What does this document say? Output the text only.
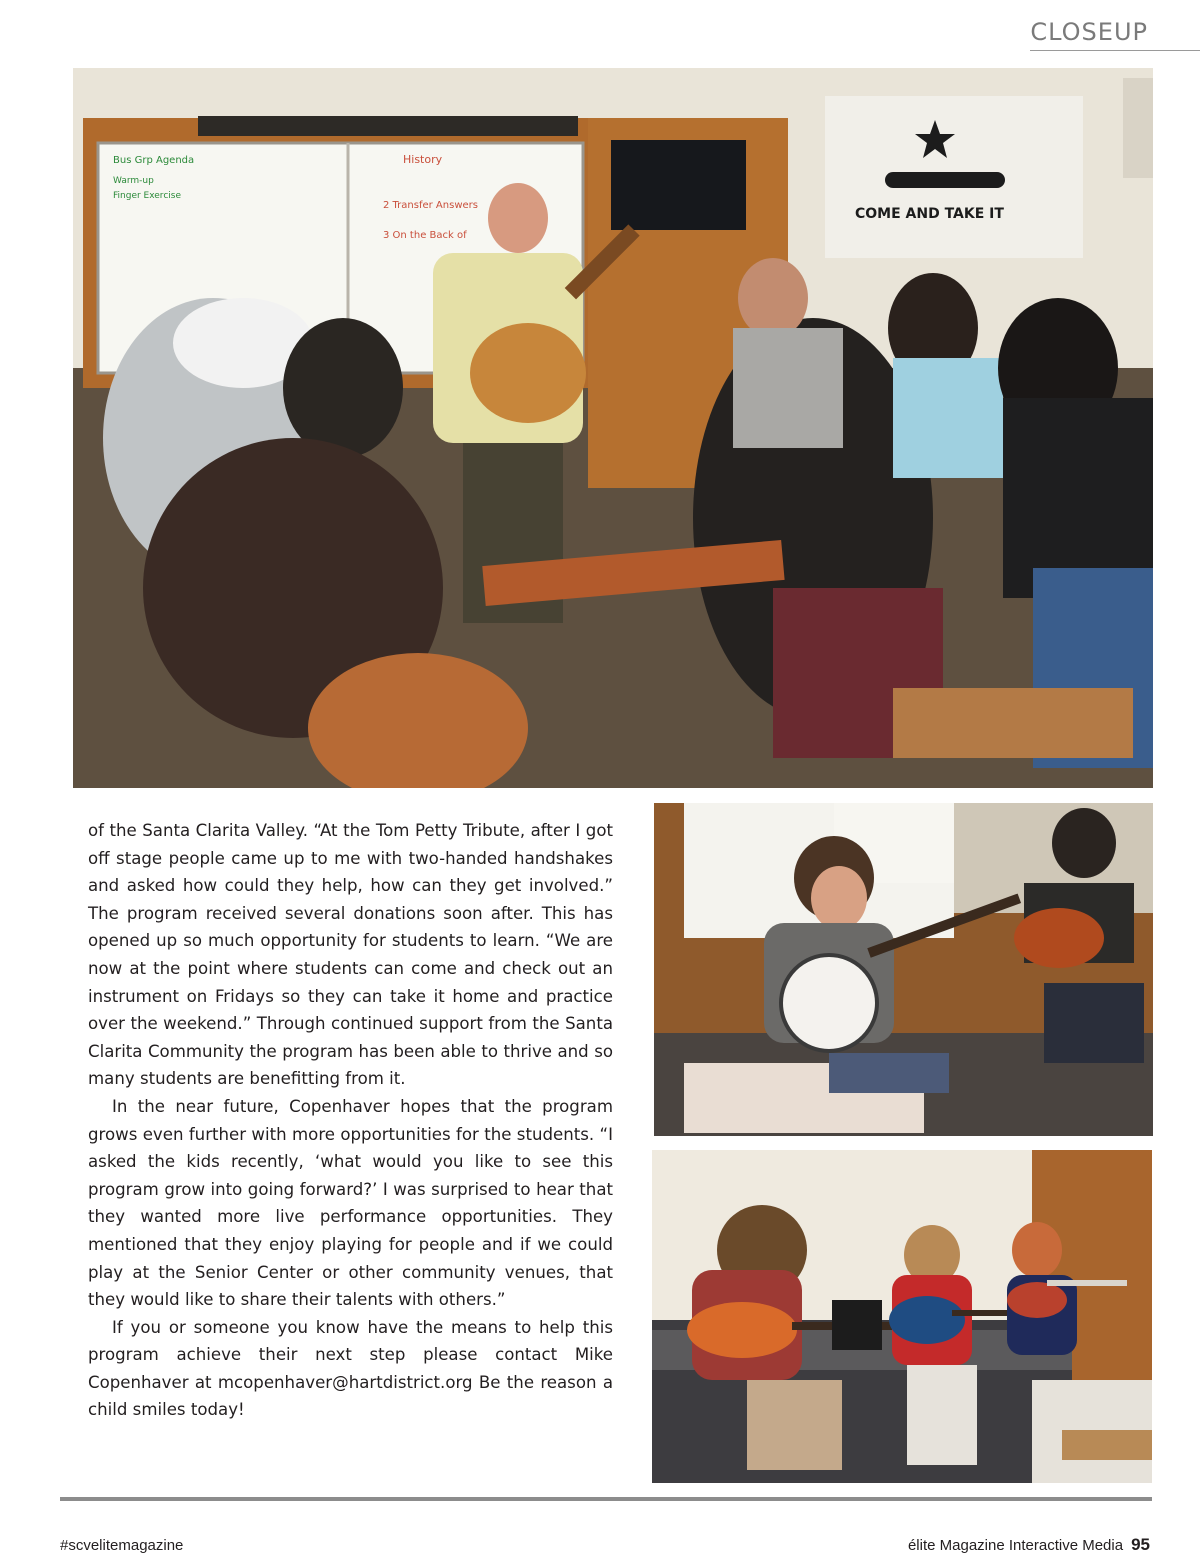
CLOSEUP
Bus Grp Agenda
Warm-up
Finger Exercise
History
2 Transfer Answers
3 On the Back of
COME AND TAKE IT

of the Santa Clarita Valley. “At the Tom Petty Tribute, after I got off stage people came up to me with two-handed handshakes and asked how could they help, how can they get involved.” The program received several donations soon after. This has opened up so much opportunity for students to learn. “We are now at the point where students can come and check out an instrument on Fridays so they can take it home and practice over the weekend.” Through continued support from the Santa Clarita Community the program has been able to thrive and so many students are benefitting from it.

In the near future, Copenhaver hopes that the program grows even further with more opportunities for the students. “I asked the kids recently, ‘what would you like to see this program grow into going forward?’ I was surprised to hear that they wanted more live performance opportunities. They mentioned that they enjoy playing for people and if we could play at the Senior Center or other community venues, that they would like to share their talents with others.”

If you or someone you know have the means to help this program achieve their next step please contact Mike Copenhaver at mcopenhaver@hartdistrict.org Be the reason a child smiles today!

#scvelitemagazine	élite Magazine Interactive Media 95
